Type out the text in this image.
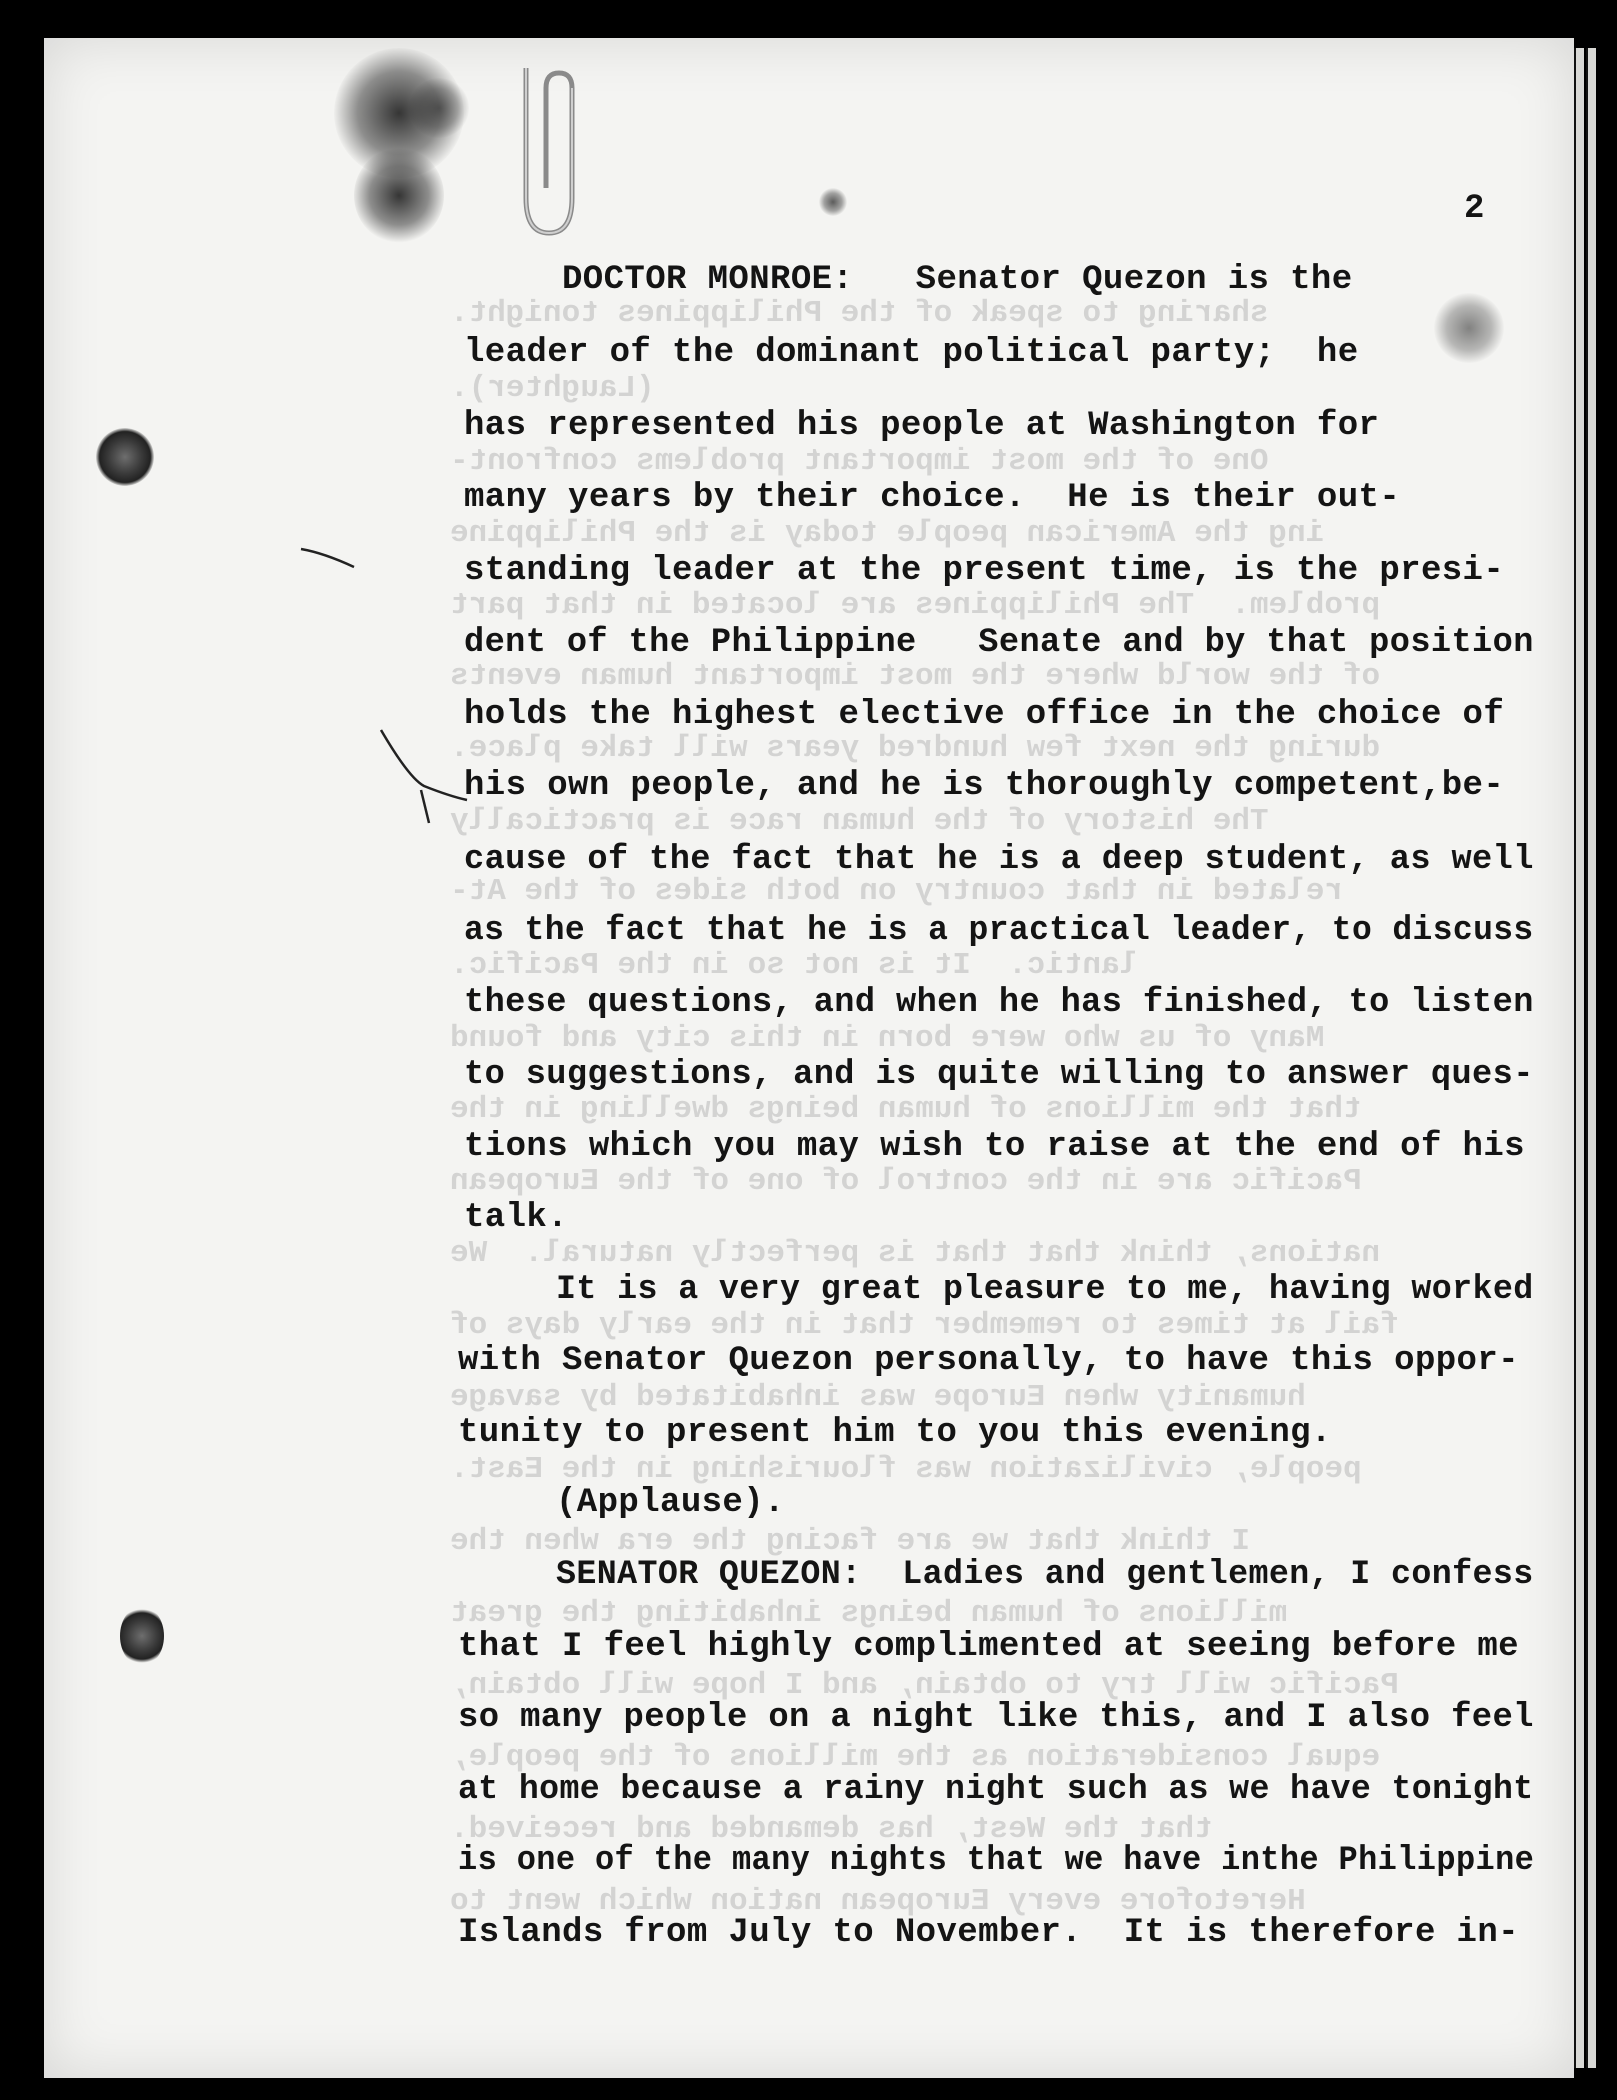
2
sharing to speak of the Philippines tonight.
(Laughter).
One of the most important problems confront-
ing the American people today is the Philippine
problem.  The Philippines are located in that part
of the world where the most important human events
during the next few hundred years will take place.
The history of the human race is practically
related in that country on both sides of the At-
lantic.  It is not so in the Pacific.
Many of us who were born in this city and found
that the millions of human beings dwelling in the
Pacific are in the control of one of the European
nations, think that that is perfectly natural.  We
fail at times to remember that in the early days of
humanity when Europe was inhabitated by savage
people, civilization was flourishing in the East.
I think that we are facing the era when the
millions of human beings inhabiting the great
Pacific will try to obtain, and I hope will obtain,
equal consideration as the millions of the people,
that the West, has demanded and received.
Heretofore every European nation which went to
DOCTOR MONROE:   Senator Quezon is the
leader of the dominant political party;  he
has represented his people at Washington for
many years by their choice.  He is their out-
standing leader at the present time, is the presi-
dent of the Philippine   Senate and by that position
holds the highest elective office in the choice of
his own people, and he is thoroughly competent,be-
cause of the fact that he is a deep student, as well
as the fact that he is a practical leader, to discuss
these questions, and when he has finished, to listen
to suggestions, and is quite willing to answer ques-
tions which you may wish to raise at the end of his
talk.
It is a very great pleasure to me, having worked
with Senator Quezon personally, to have this oppor-
tunity to present him to you this evening.
(Applause).
SENATOR QUEZON:  Ladies and gentlemen, I confess
that I feel highly complimented at seeing before me
so many people on a night like this, and I also feel
at home because a rainy night such as we have tonight
is one of the many nights that we have inthe Philippine
Islands from July to November.  It is therefore in-
